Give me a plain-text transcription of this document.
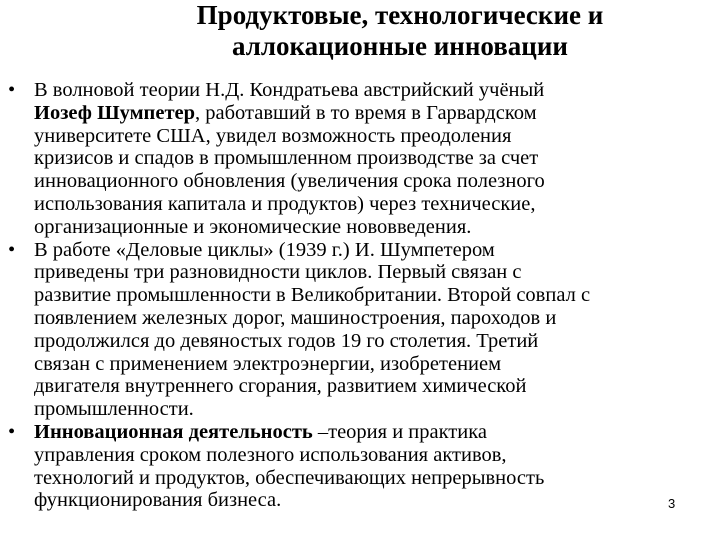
Продуктовые, технологические и
аллокационные инновации
• В волновой теории Н.Д. Кондратьева австрийский учёный
Иозеф Шумпетер, работавший в то время в Гарвардском
университете США, увидел возможность преодоления
кризисов и спадов в промышленном производстве за счет
инновационного обновления (увеличения срока полезного
использования капитала и продуктов) через технические,
организационные и экономические нововведения.
• В работе «Деловые циклы» (1939 г.) И. Шумпетером
приведены три разновидности циклов. Первый связан с
развитие промышленности в Великобритании. Второй совпал с
появлением железных дорог, машиностроения, пароходов и
продолжился до девяностых годов 19 го столетия. Третий
связан с применением электроэнергии, изобретением
двигателя внутреннего сгорания, развитием химической
промышленности.
• Инновационная деятельность –теория и практика
управления сроком полезного использования активов,
технологий и продуктов, обеспечивающих непрерывность
функционирования бизнеса.	3
